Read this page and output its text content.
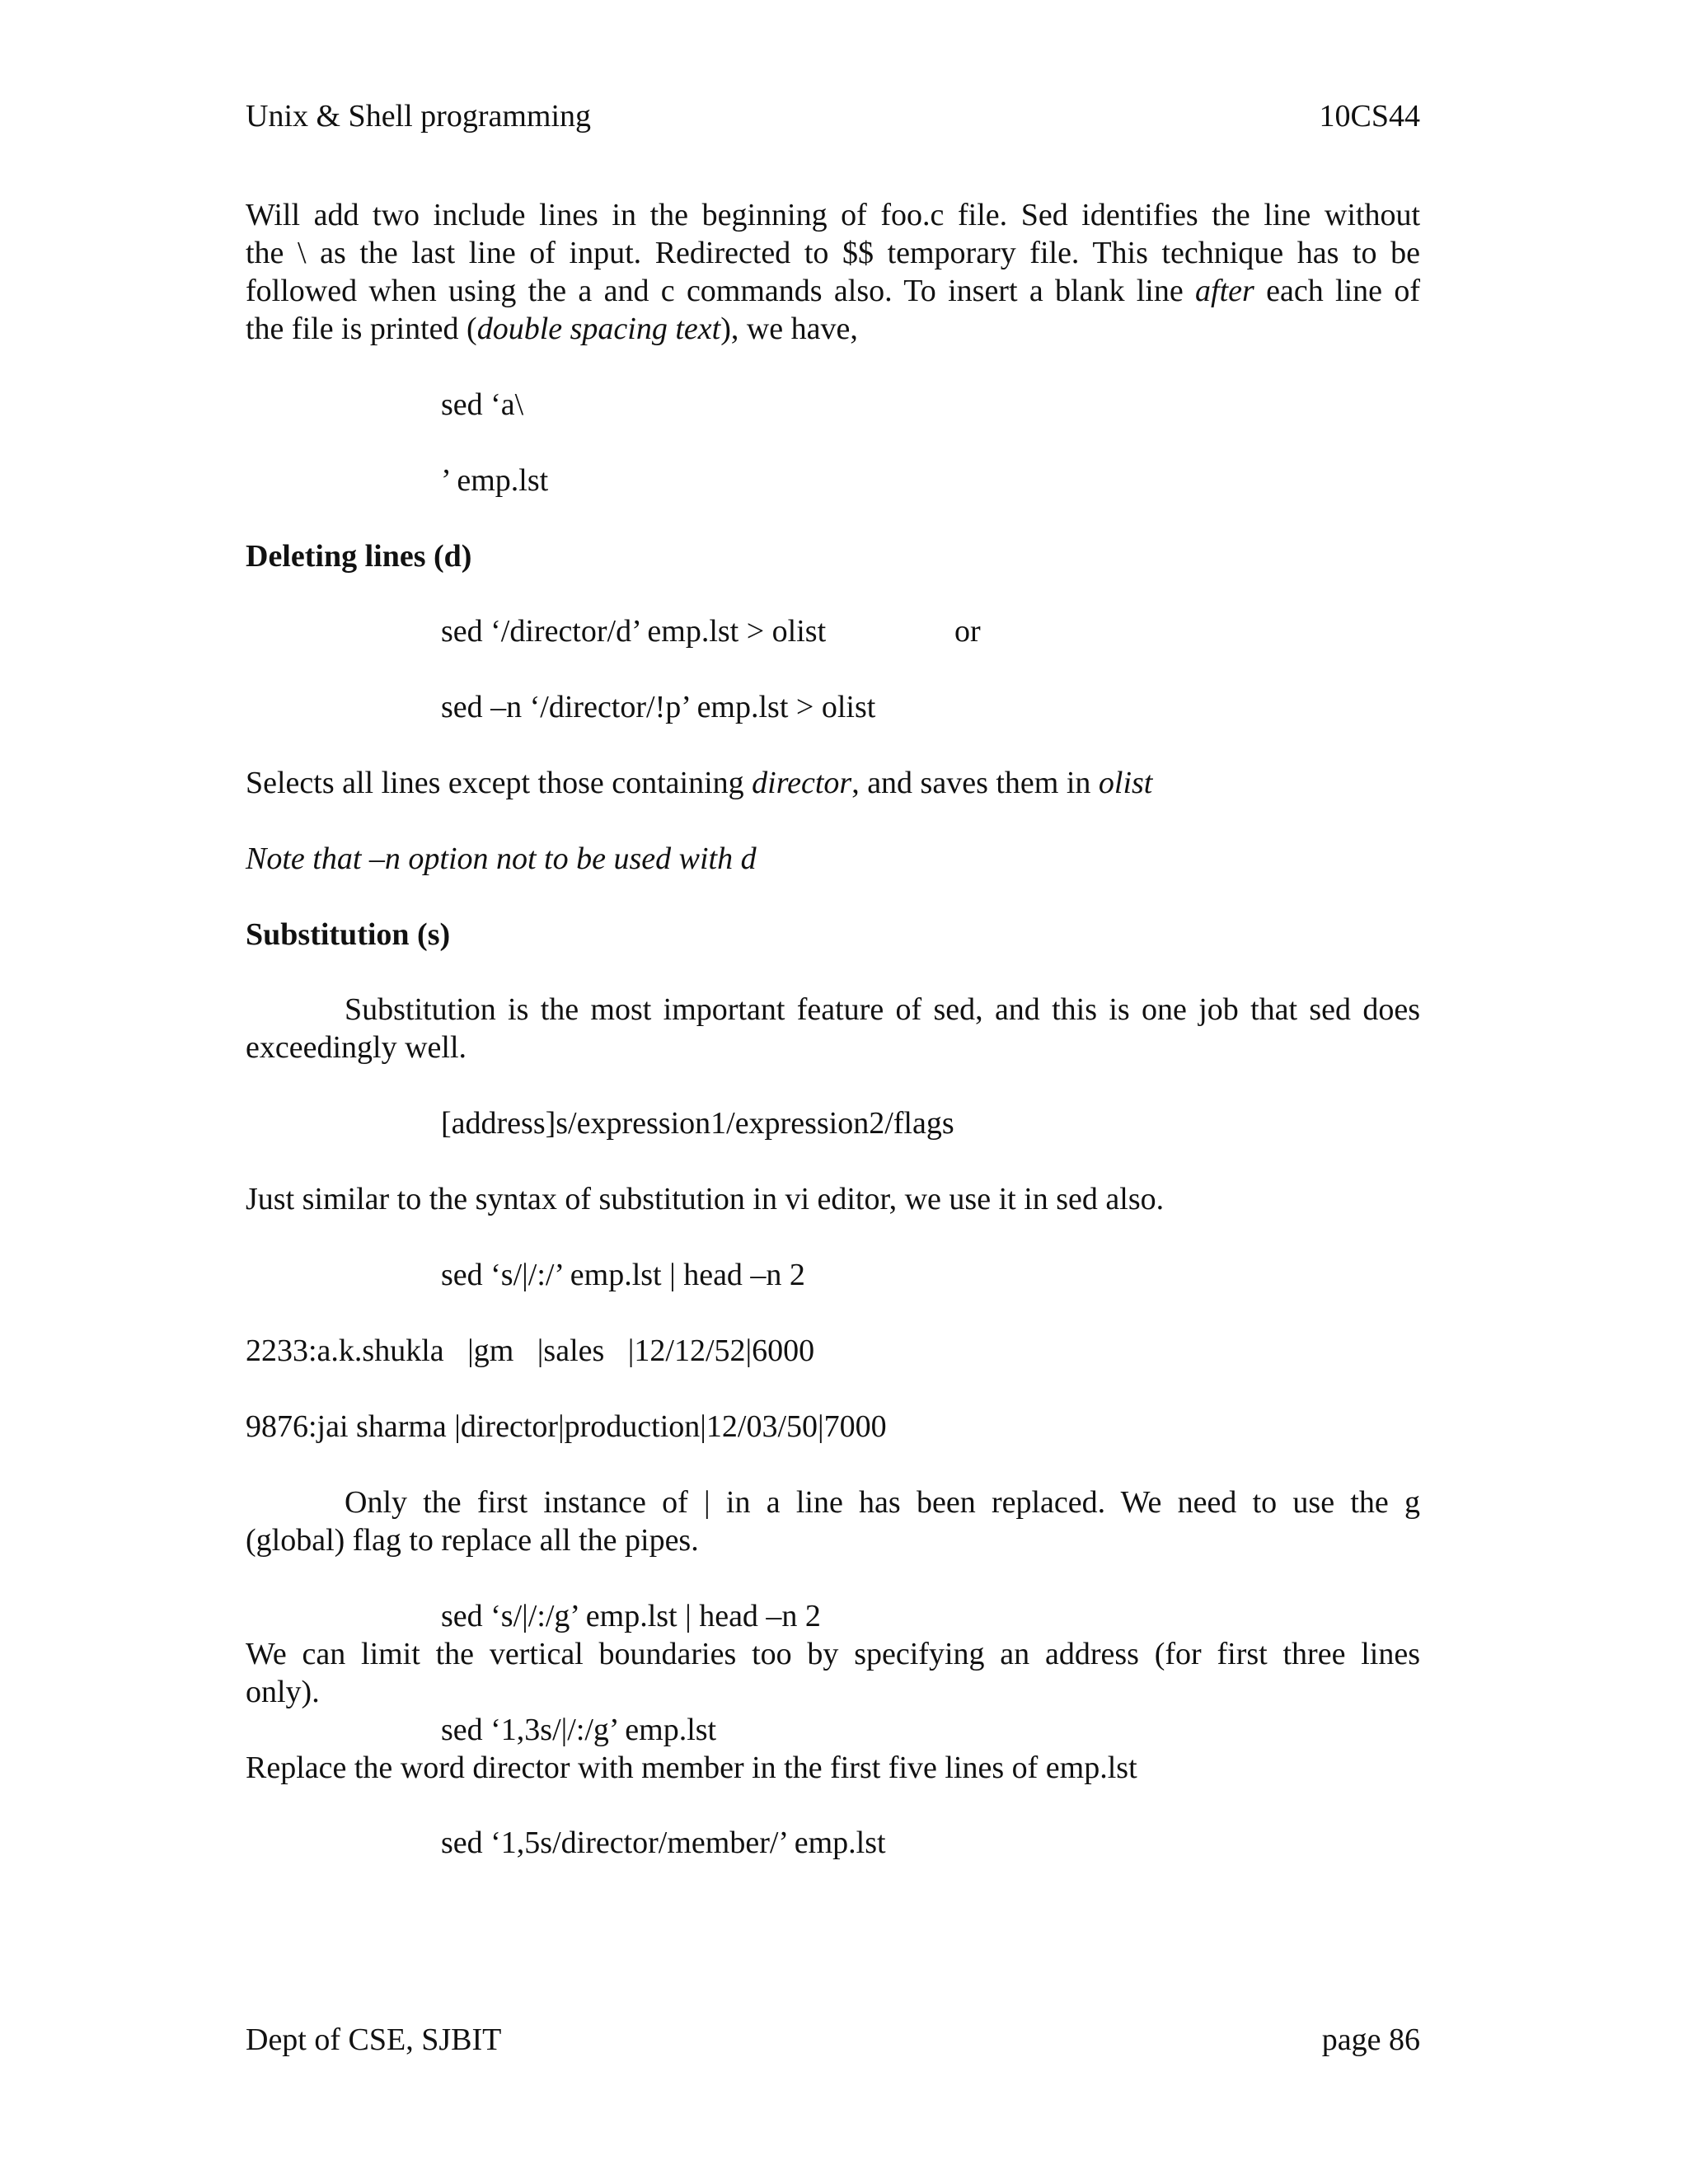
Unix & Shell programming	10CS44
Will add two include lines in the beginning of foo.c file. Sed identifies the line without
the \ as the last line of input. Redirected to $$ temporary file. This technique has to be
followed when using the a and c commands also. To insert a blank line after each line of
the file is printed (double spacing text), we have,
sed ‘a\
’ emp.lst
Deleting lines (d)
sed ‘/director/d’ emp.lst > olist	or
sed –n ‘/director/!p’ emp.lst > olist
Selects all lines except those containing director, and saves them in olist
Note that –n option not to be used with d
Substitution (s)
Substitution is the most important feature of sed, and this is one job that sed does
exceedingly well.
[address]s/expression1/expression2/flags
Just similar to the syntax of substitution in vi editor, we use it in sed also.
sed ‘s/|/:/’ emp.lst | head –n 2
2233:a.k.shukla   |gm   |sales   |12/12/52|6000
9876:jai sharma |director|production|12/03/50|7000
Only the first instance of | in a line has been replaced. We need to use the g
(global) flag to replace all the pipes.
sed ‘s/|/:/g’ emp.lst | head –n 2
We can limit the vertical boundaries too by specifying an address (for first three lines
only).
sed ‘1,3s/|/:/g’ emp.lst
Replace the word director with member in the first five lines of emp.lst
sed ‘1,5s/director/member/’ emp.lst
Dept of CSE, SJBIT	page 86
